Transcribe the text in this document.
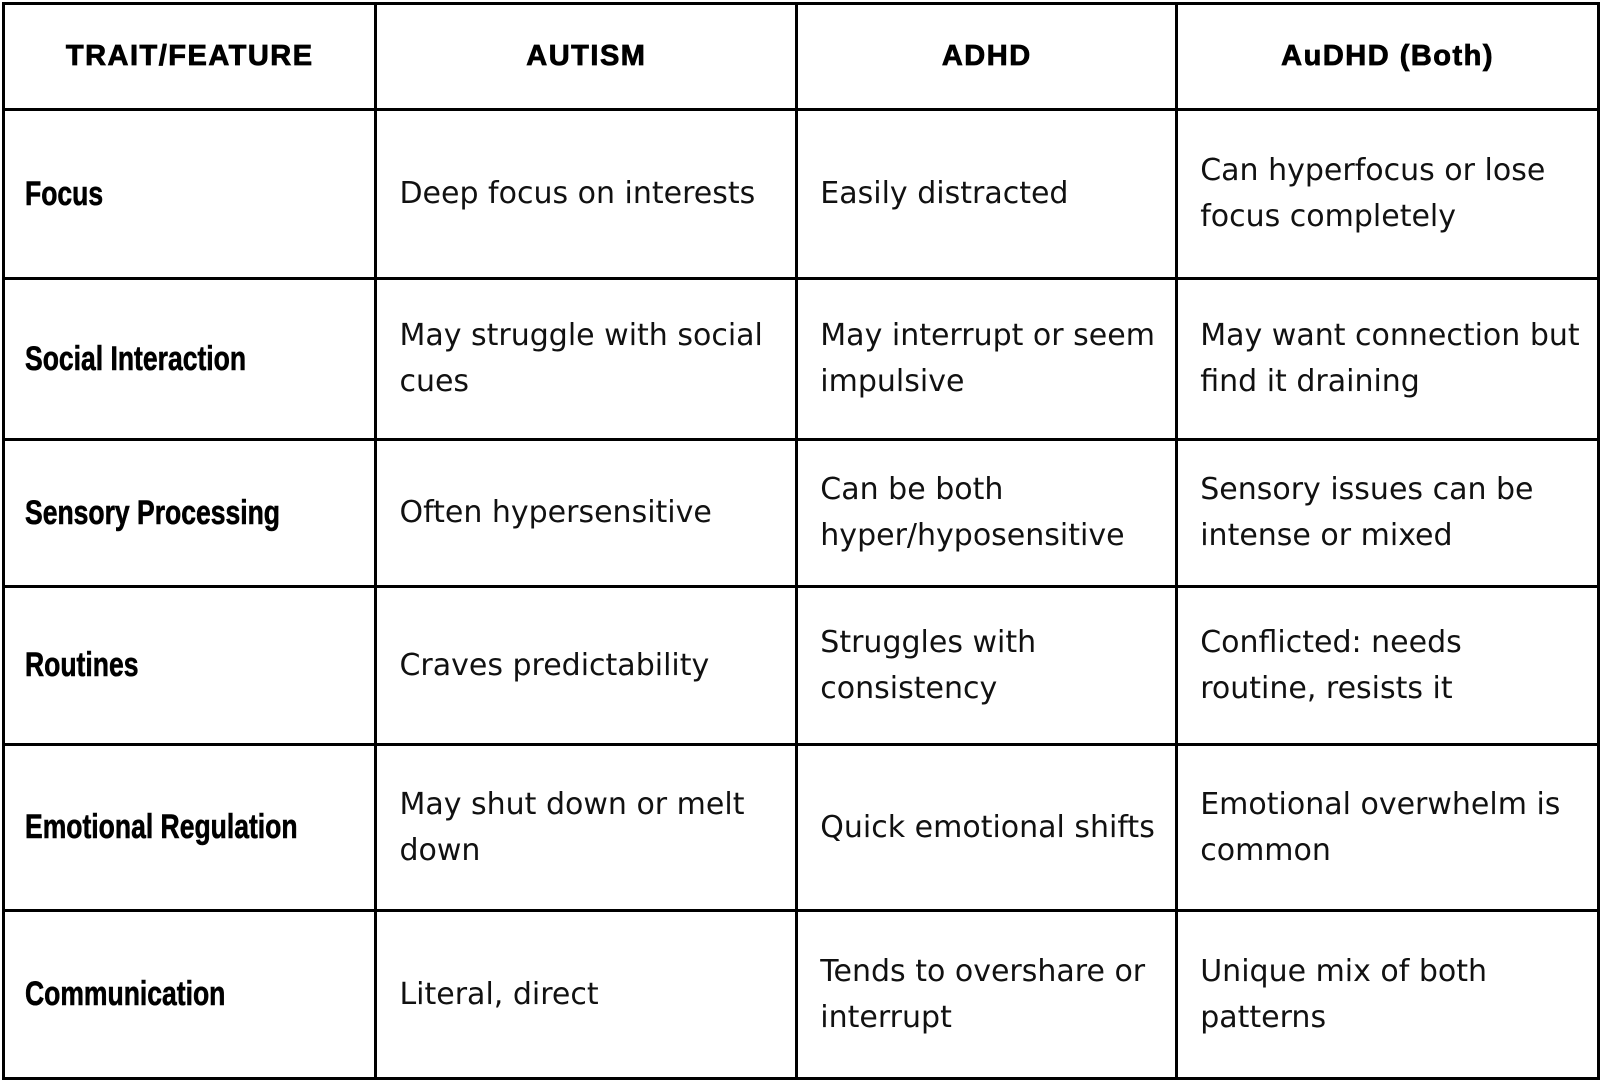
TRAIT/FEATURE	AUTISM	ADHD	AuDHD (Both)
Focus	Deep focus on interests	Easily distracted	Can hyperfocus or lose focus completely
Social Interaction	May struggle with social cues	May interrupt or seem impulsive	May want connection but find it draining
Sensory Processing	Often hypersensitive	Can be both hyper/hyposensitive	Sensory issues can be intense or mixed
Routines	Craves predictability	Struggles with consistency	Conflicted: needs routine, resists it
Emotional Regulation	May shut down or melt down	Quick emotional shifts	Emotional overwhelm is common
Communication	Literal, direct	Tends to overshare or interrupt	Unique mix of both patterns
